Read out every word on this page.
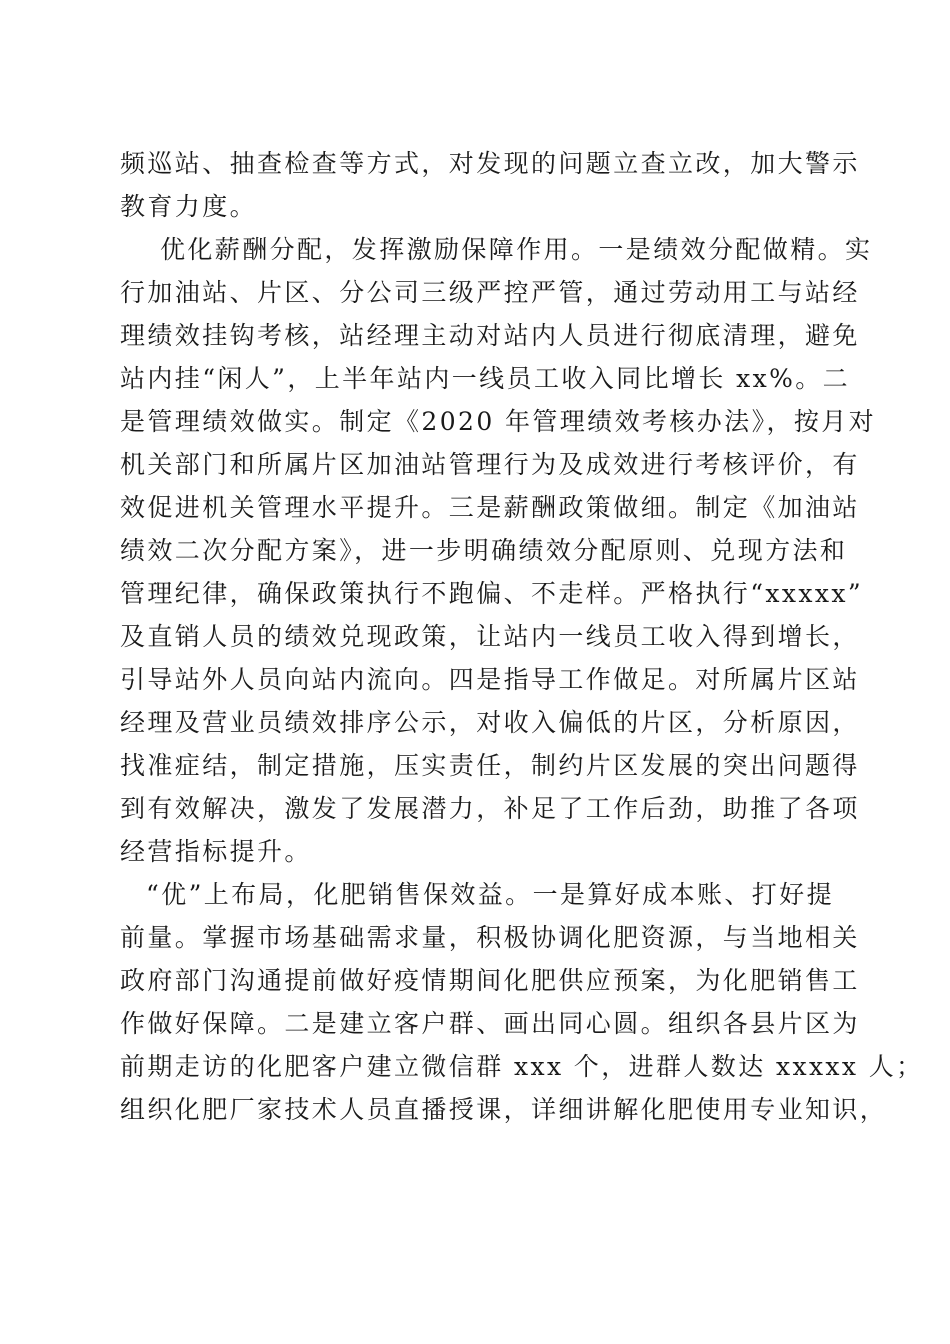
频巡站、抽查检查等方式，对发现的问题立查立改，加大警示
教育力度。
优化薪酬分配，发挥激励保障作用。一是绩效分配做精。实
行加油站、片区、分公司三级严控严管，通过劳动用工与站经
理绩效挂钩考核，站经理主动对站内人员进行彻底清理，避免
站内挂“闲人”，上半年站内一线员工收入同比增长 xx%。二
是管理绩效做实。制定《2020 年管理绩效考核办法》，按月对
机关部门和所属片区加油站管理行为及成效进行考核评价，有
效促进机关管理水平提升。三是薪酬政策做细。制定《加油站
绩效二次分配方案》，进一步明确绩效分配原则、兑现方法和
管理纪律，确保政策执行不跑偏、不走样。严格执行“xxxxx”
及直销人员的绩效兑现政策，让站内一线员工收入得到增长，
引导站外人员向站内流向。四是指导工作做足。对所属片区站
经理及营业员绩效排序公示，对收入偏低的片区，分析原因，
找准症结，制定措施，压实责任，制约片区发展的突出问题得
到有效解决，激发了发展潜力，补足了工作后劲，助推了各项
经营指标提升。
“优”上布局，化肥销售保效益。一是算好成本账、打好提
前量。掌握市场基础需求量，积极协调化肥资源，与当地相关
政府部门沟通提前做好疫情期间化肥供应预案，为化肥销售工
作做好保障。二是建立客户群、画出同心圆。组织各县片区为
前期走访的化肥客户建立微信群 xxx 个，进群人数达 xxxxx 人；
组织化肥厂家技术人员直播授课，详细讲解化肥使用专业知识，
